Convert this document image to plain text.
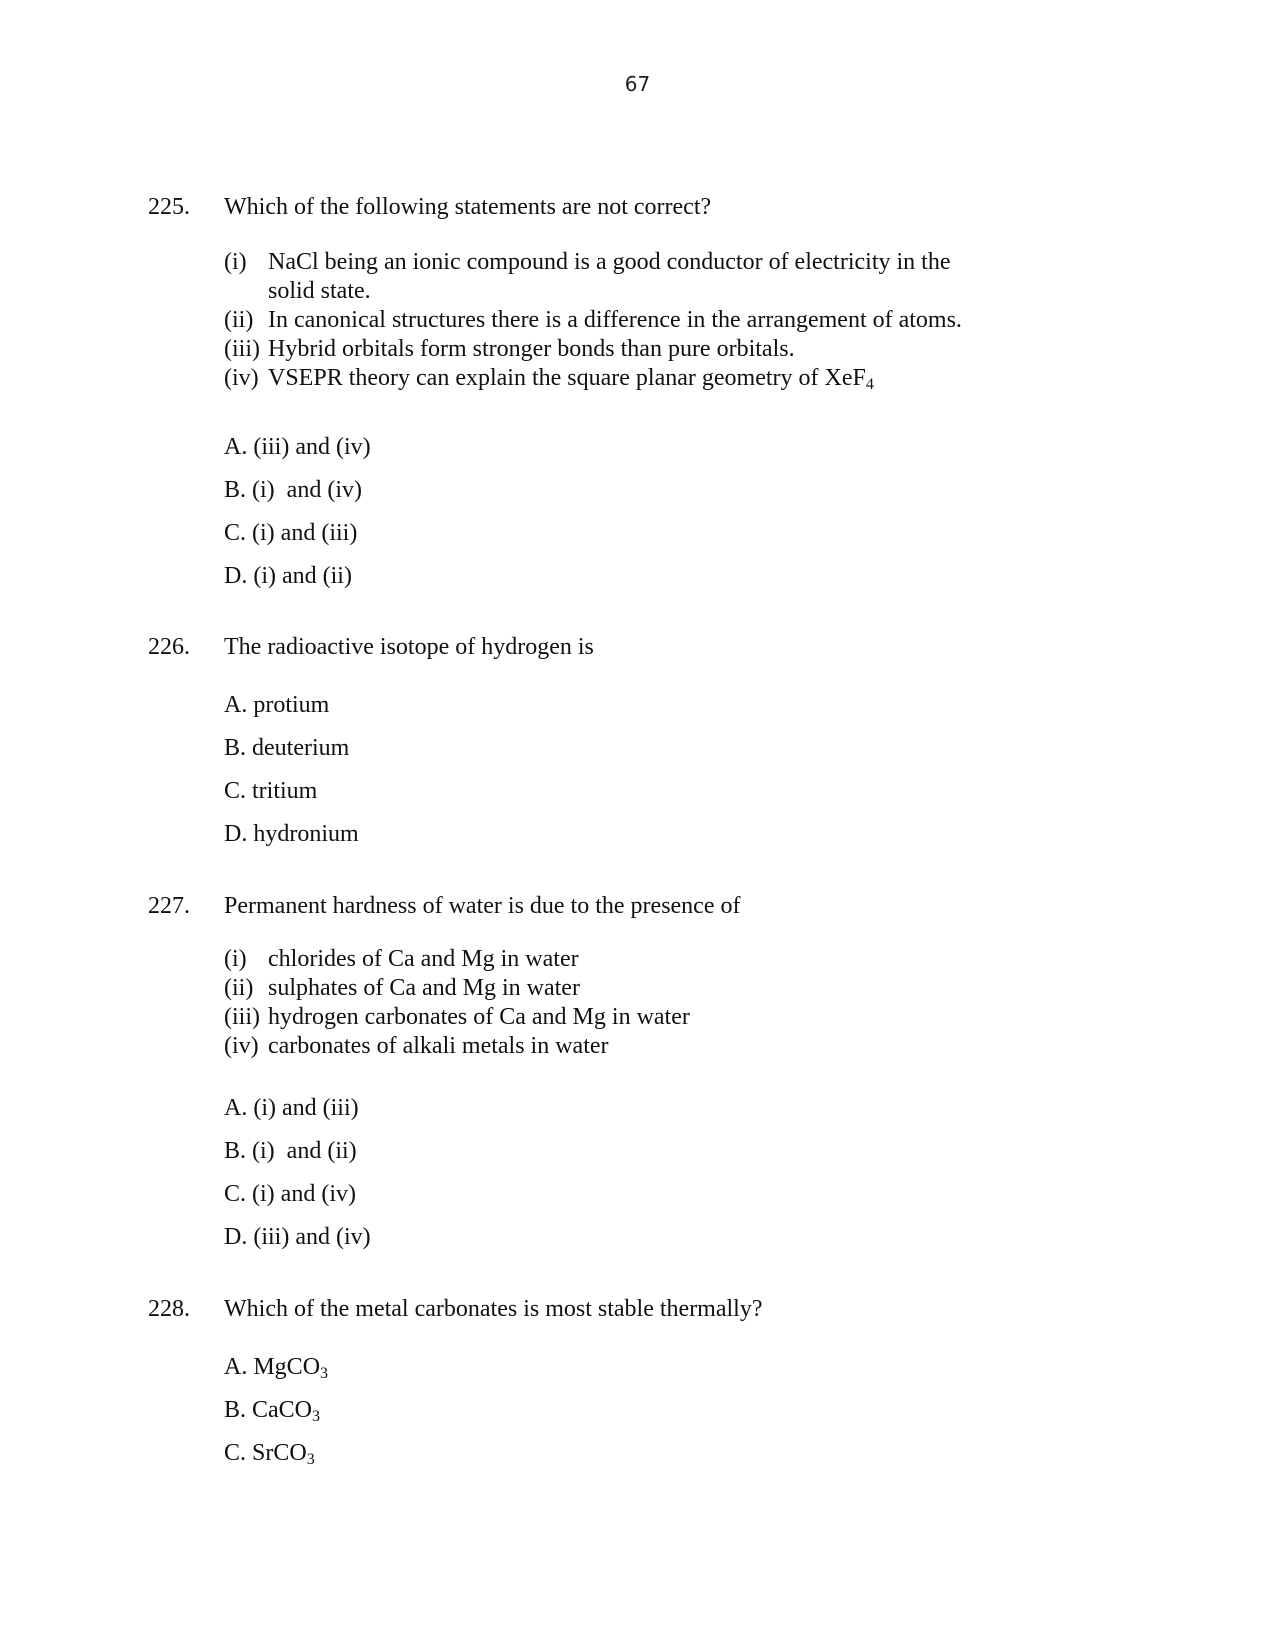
67
225. Which of the following statements are not correct?
(i) NaCl being an ionic compound is a good conductor of electricity in the
solid state.
(ii) In canonical structures there is a difference in the arrangement of atoms.
(iii) Hybrid orbitals form stronger bonds than pure orbitals.
(iv) VSEPR theory can explain the square planar geometry of XeF$_4$
A. (iii) and (iv)
B. (i)  and (iv)
C. (i) and (iii)
D. (i) and (ii)
226. The radioactive isotope of hydrogen is
A. protium
B. deuterium
C. tritium
D. hydronium
227. Permanent hardness of water is due to the presence of
(i) chlorides of Ca and Mg in water
(ii) sulphates of Ca and Mg in water
(iii) hydrogen carbonates of Ca and Mg in water
(iv) carbonates of alkali metals in water
A. (i) and (iii)
B. (i)  and (ii)
C. (i) and (iv)
D. (iii) and (iv)
228. Which of the metal carbonates is most stable thermally?
A. MgCO$_3$
B. CaCO$_3$
C. SrCO$_3$
